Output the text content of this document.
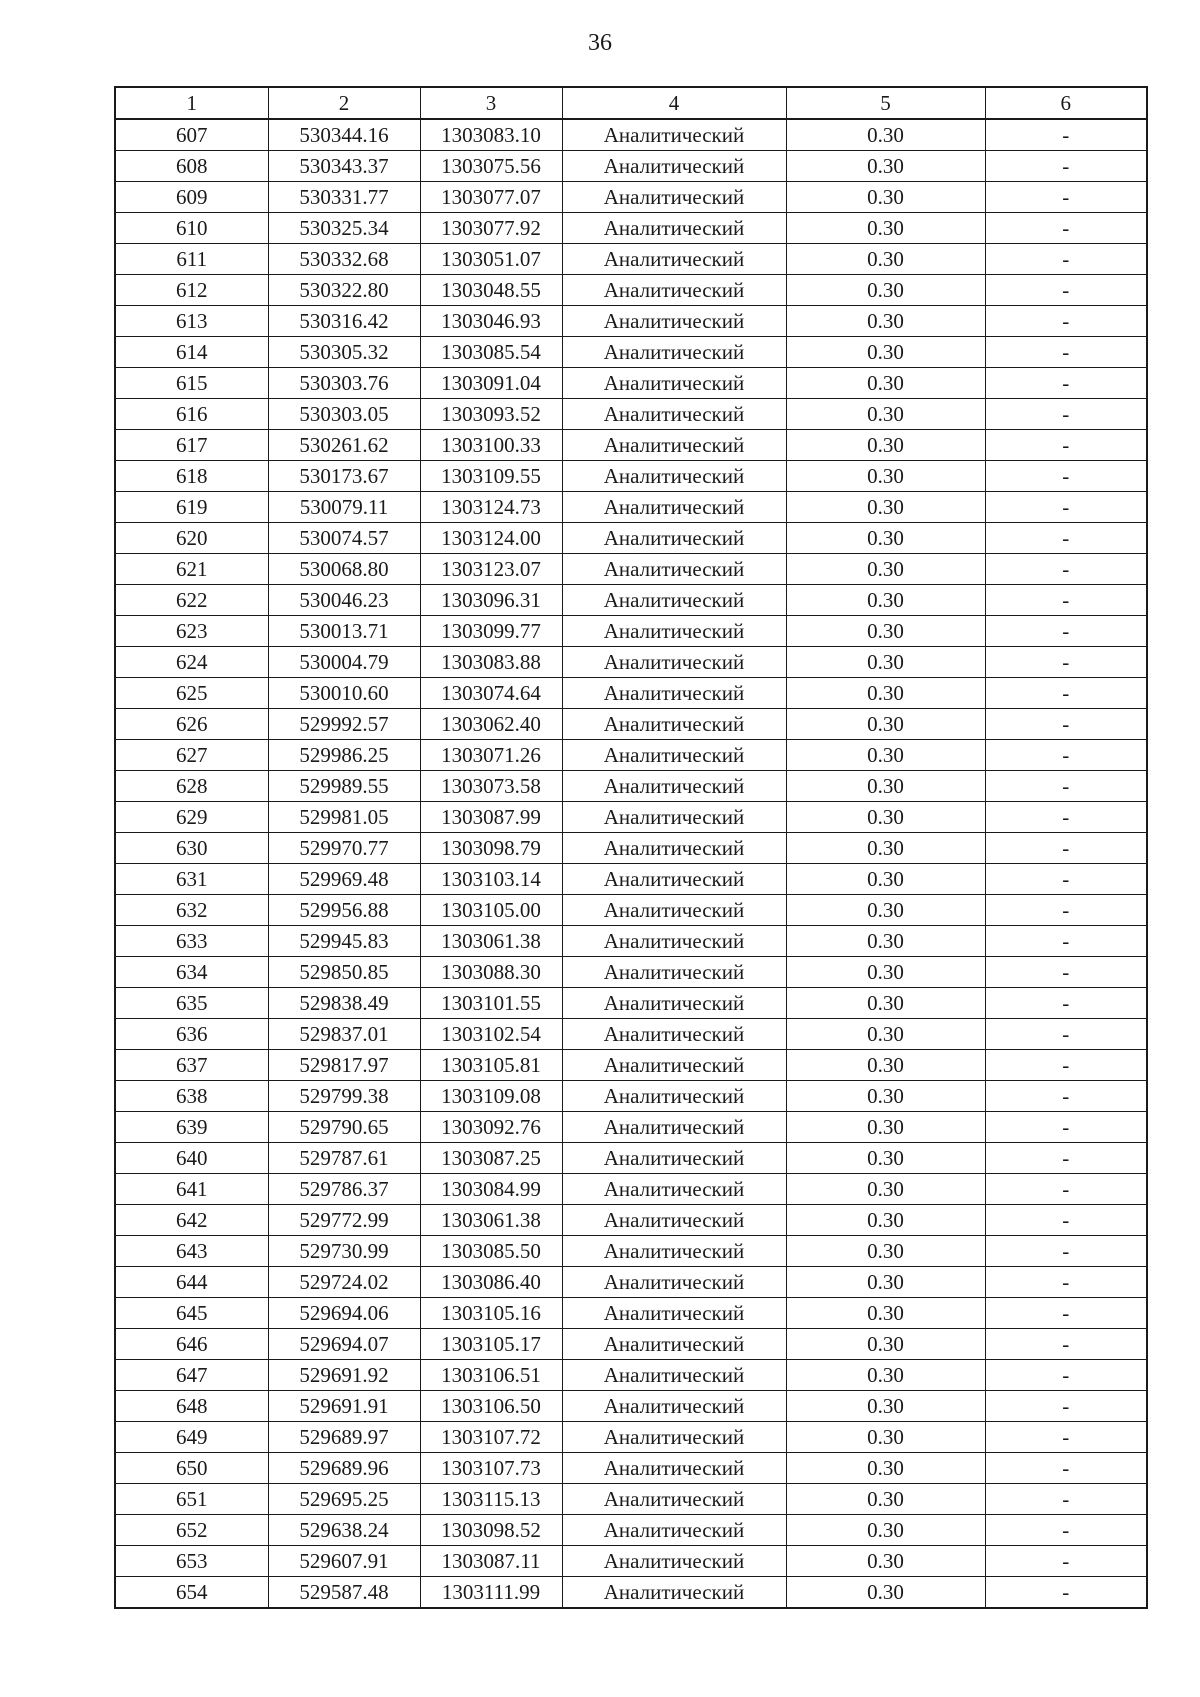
36
1	2	3	4	5	6
607	530344.16	1303083.10	Аналитический	0.30	-
608	530343.37	1303075.56	Аналитический	0.30	-
609	530331.77	1303077.07	Аналитический	0.30	-
610	530325.34	1303077.92	Аналитический	0.30	-
611	530332.68	1303051.07	Аналитический	0.30	-
612	530322.80	1303048.55	Аналитический	0.30	-
613	530316.42	1303046.93	Аналитический	0.30	-
614	530305.32	1303085.54	Аналитический	0.30	-
615	530303.76	1303091.04	Аналитический	0.30	-
616	530303.05	1303093.52	Аналитический	0.30	-
617	530261.62	1303100.33	Аналитический	0.30	-
618	530173.67	1303109.55	Аналитический	0.30	-
619	530079.11	1303124.73	Аналитический	0.30	-
620	530074.57	1303124.00	Аналитический	0.30	-
621	530068.80	1303123.07	Аналитический	0.30	-
622	530046.23	1303096.31	Аналитический	0.30	-
623	530013.71	1303099.77	Аналитический	0.30	-
624	530004.79	1303083.88	Аналитический	0.30	-
625	530010.60	1303074.64	Аналитический	0.30	-
626	529992.57	1303062.40	Аналитический	0.30	-
627	529986.25	1303071.26	Аналитический	0.30	-
628	529989.55	1303073.58	Аналитический	0.30	-
629	529981.05	1303087.99	Аналитический	0.30	-
630	529970.77	1303098.79	Аналитический	0.30	-
631	529969.48	1303103.14	Аналитический	0.30	-
632	529956.88	1303105.00	Аналитический	0.30	-
633	529945.83	1303061.38	Аналитический	0.30	-
634	529850.85	1303088.30	Аналитический	0.30	-
635	529838.49	1303101.55	Аналитический	0.30	-
636	529837.01	1303102.54	Аналитический	0.30	-
637	529817.97	1303105.81	Аналитический	0.30	-
638	529799.38	1303109.08	Аналитический	0.30	-
639	529790.65	1303092.76	Аналитический	0.30	-
640	529787.61	1303087.25	Аналитический	0.30	-
641	529786.37	1303084.99	Аналитический	0.30	-
642	529772.99	1303061.38	Аналитический	0.30	-
643	529730.99	1303085.50	Аналитический	0.30	-
644	529724.02	1303086.40	Аналитический	0.30	-
645	529694.06	1303105.16	Аналитический	0.30	-
646	529694.07	1303105.17	Аналитический	0.30	-
647	529691.92	1303106.51	Аналитический	0.30	-
648	529691.91	1303106.50	Аналитический	0.30	-
649	529689.97	1303107.72	Аналитический	0.30	-
650	529689.96	1303107.73	Аналитический	0.30	-
651	529695.25	1303115.13	Аналитический	0.30	-
652	529638.24	1303098.52	Аналитический	0.30	-
653	529607.91	1303087.11	Аналитический	0.30	-
654	529587.48	1303111.99	Аналитический	0.30	-
